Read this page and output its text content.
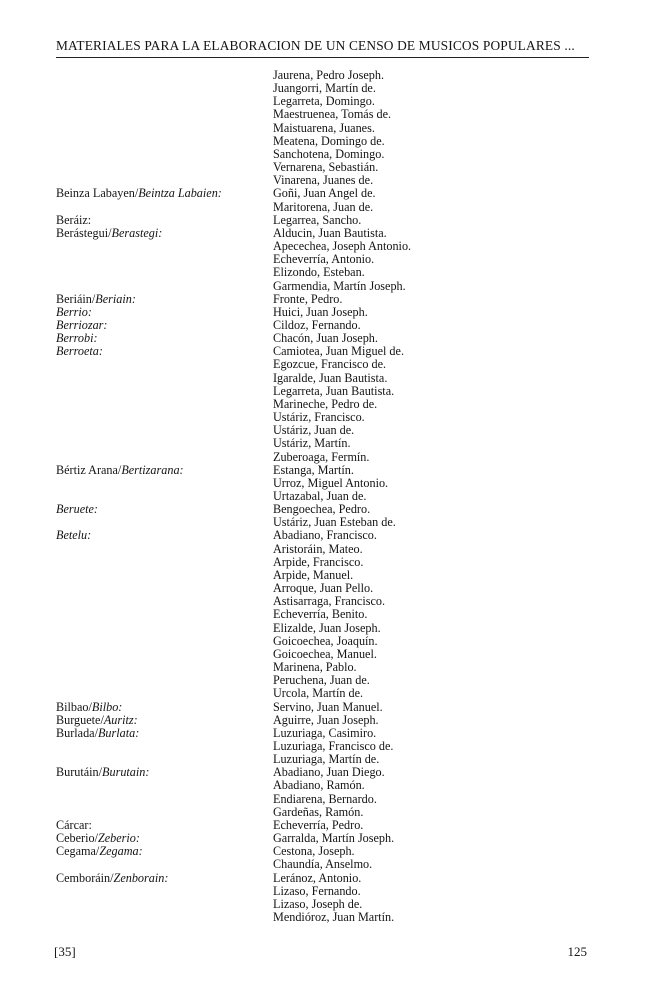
MATERIALES PARA LA ELABORACION DE UN CENSO DE MUSICOS POPULARES ...
Jaurena, Pedro Joseph.
Juangorri, Martín de.
Legarreta, Domingo.
Maestruenea, Tomás de.
Maistuarena, Juanes.
Meatena, Domingo de.
Sanchotena, Domingo.
Vernarena, Sebastián.
Vinarena, Juanes de.
Beinza Labayen/Beintza Labaien:	Goñi, Juan Angel de.
Maritorena, Juan de.
Beráiz:	Legarrea, Sancho.
Berástegui/Berastegi:	Alducin, Juan Bautista.
Apecechea, Joseph Antonio.
Echeverría, Antonio.
Elizondo, Esteban.
Garmendia, Martín Joseph.
Beriáin/Beriain:	Fronte, Pedro.
Berrio:	Huici, Juan Joseph.
Berriozar:	Cildoz, Fernando.
Berrobi:	Chacón, Juan Joseph.
Berroeta:	Camiotea, Juan Miguel de.
Egozcue, Francisco de.
Igaralde, Juan Bautista.
Legarreta, Juan Bautista.
Marineche, Pedro de.
Ustáriz, Francisco.
Ustáriz, Juan de.
Ustáriz, Martín.
Zuberoaga, Fermín.
Bértiz Arana/Bertizarana:	Estanga, Martín.
Urroz, Miguel Antonio.
Urtazabal, Juan de.
Beruete:	Bengoechea, Pedro.
Ustáriz, Juan Esteban de.
Betelu:	Abadiano, Francisco.
Aristoráin, Mateo.
Arpide, Francisco.
Arpide, Manuel.
Arroque, Juan Pello.
Astisarraga, Francisco.
Echeverría, Benito.
Elizalde, Juan Joseph.
Goicoechea, Joaquín.
Goicoechea, Manuel.
Marinena, Pablo.
Peruchena, Juan de.
Urcola, Martín de.
Bilbao/Bilbo:	Servino, Juan Manuel.
Burguete/Auritz:	Aguirre, Juan Joseph.
Burlada/Burlata:	Luzuriaga, Casimiro.
Luzuriaga, Francisco de.
Luzuriaga, Martín de.
Burutáin/Burutain:	Abadiano, Juan Diego.
Abadiano, Ramón.
Endiarena, Bernardo.
Gardeñas, Ramón.
Cárcar:	Echeverría, Pedro.
Ceberio/Zeberio:	Garralda, Martín Joseph.
Cegama/Zegama:	Cestona, Joseph.
Chaundía, Anselmo.
Cemboráin/Zenborain:	Leránoz, Antonio.
Lizaso, Fernando.
Lizaso, Joseph de.
Mendióroz, Juan Martín.
[35]	125
